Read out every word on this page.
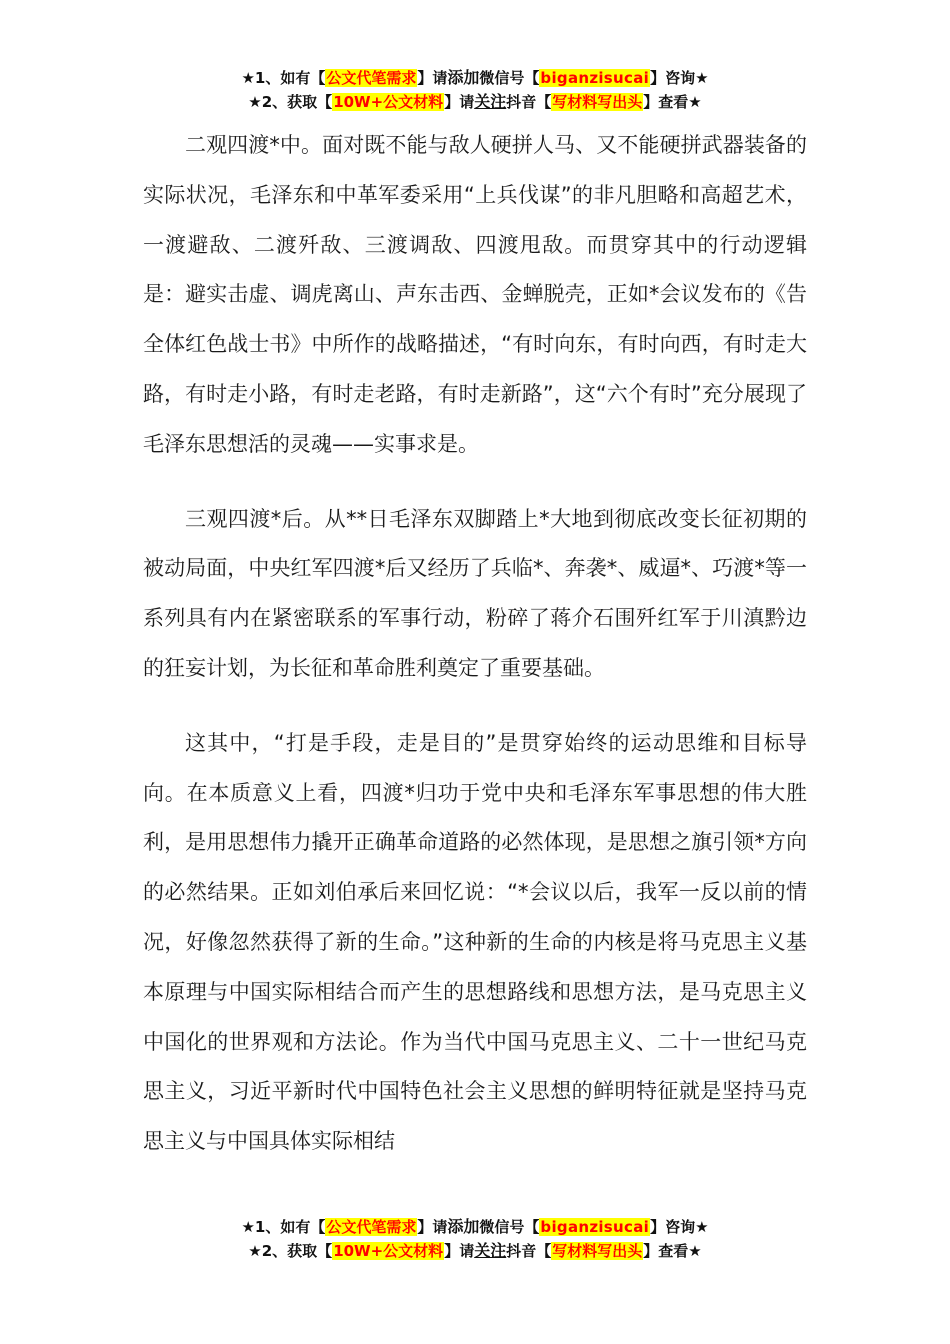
★1、如有【公文代笔需求】请添加微信号【biganzisucai】咨询★
★2、获取【10W+公文材料】请关注抖音【写材料写出头】查看★

二观四渡*中。面对既不能与敌人硬拼人马、又不能硬拼武器装备的实际状况，毛泽东和中革军委采用“上兵伐谋”的非凡胆略和高超艺术，一渡避敌、二渡歼敌、三渡调敌、四渡甩敌。而贯穿其中的行动逻辑是：避实击虚、调虎离山、声东击西、金蝉脱壳，正如*会议发布的《告全体红色战士书》中所作的战略描述，“有时向东，有时向西，有时走大路，有时走小路，有时走老路，有时走新路”，这“六个有时”充分展现了毛泽东思想活的灵魂——实事求是。

三观四渡*后。从**日毛泽东双脚踏上*大地到彻底改变长征初期的被动局面，中央红军四渡*后又经历了兵临*、奔袭*、威逼*、巧渡*等一系列具有内在紧密联系的军事行动，粉碎了蒋介石围歼红军于川滇黔边的狂妄计划，为长征和革命胜利奠定了重要基础。

这其中，“打是手段，走是目的”是贯穿始终的运动思维和目标导向。在本质意义上看，四渡*归功于党中央和毛泽东军事思想的伟大胜利，是用思想伟力撬开正确革命道路的必然体现，是思想之旗引领*方向的必然结果。正如刘伯承后来回忆说：“*会议以后，我军一反以前的情况，好像忽然获得了新的生命。”这种新的生命的内核是将马克思主义基本原理与中国实际相结合而产生的思想路线和思想方法，是马克思主义中国化的世界观和方法论。作为当代中国马克思主义、二十一世纪马克思主义，习近平新时代中国特色社会主义思想的鲜明特征就是坚持马克思主义与中国具体实际相结

★1、如有【公文代笔需求】请添加微信号【biganzisucai】咨询★
★2、获取【10W+公文材料】请关注抖音【写材料写出头】查看★
